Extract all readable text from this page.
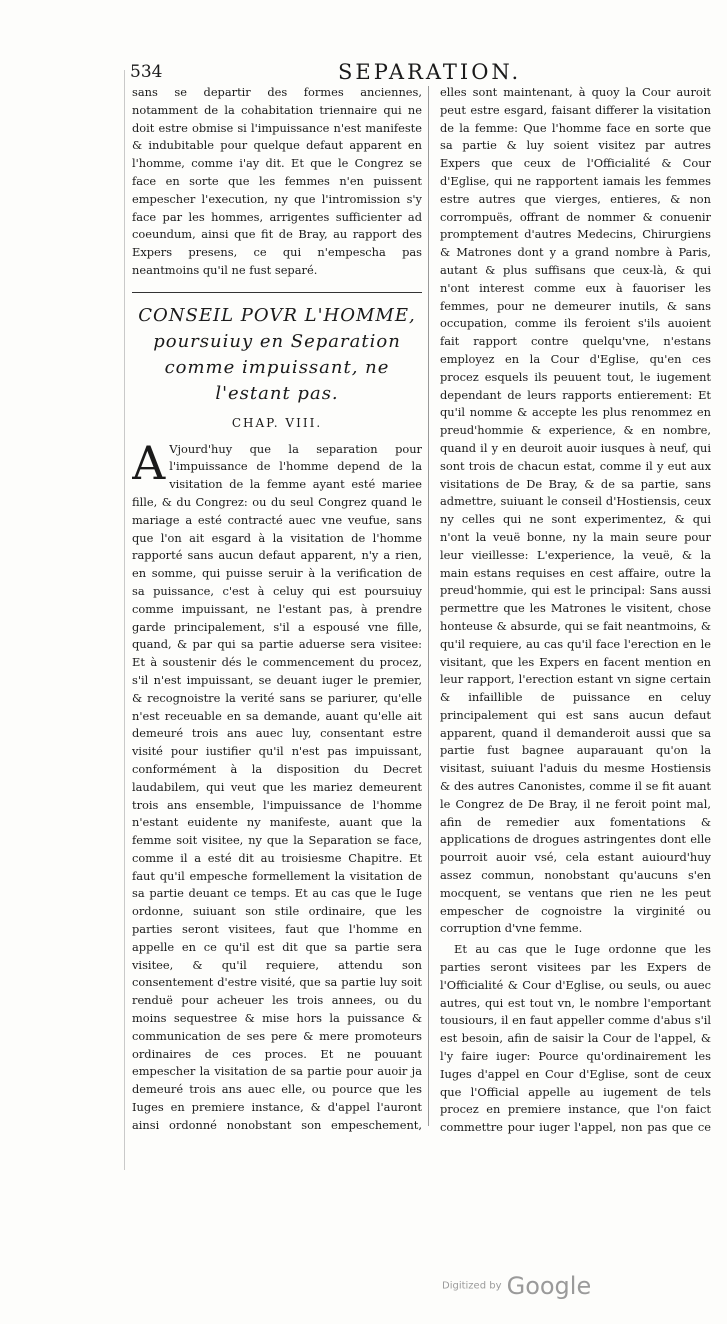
534	SEPARATION.

sans se departir des formes anciennes, notamment de la cohabitation triennaire qui ne doit estre obmise si l'impuissance n'est manifeste & indubitable pour quelque defaut apparent en l'homme, comme i'ay dit. Et que le Congrez se face en sorte que les femmes n'en puissent empescher l'execution, ny que l'intromission s'y face par les hommes, arrigentes sufficienter ad coeundum, ainsi que fit de Bray, au rapport des Expers presens, ce qui n'empescha pas neantmoins qu'il ne fust separé.

CONSEIL POVR L'HOMME, poursuiuy en Separation comme impuissant, ne l'estant pas.
CHAP. VIII.

A Vjourd'huy que la separation pour l'impuissance de l'homme depend de la visitation de la femme ayant esté mariee fille, & du Congrez: ou du seul Congrez quand le mariage a esté contracté auec vne veufue, sans que l'on ait esgard à la visitation de l'homme rapporté sans aucun defaut apparent, n'y a rien, en somme, qui puisse seruir à la verification de sa puissance, c'est à celuy qui est poursuiuy comme impuissant, ne l'estant pas, à prendre garde principalement, s'il a espousé vne fille, quand, & par qui sa partie aduerse sera visitee: Et à soustenir dés le commencement du procez, s'il n'est impuissant, se deuant iuger le premier, & recognoistre la verité sans se pariurer, qu'elle n'est receuable en sa demande, auant qu'elle ait demeuré trois ans auec luy, consentant estre visité pour iustifier qu'il n'est pas impuissant, conformément à la disposition du Decret laudabilem, qui veut que les mariez demeurent trois ans ensemble, l'impuissance de l'homme n'estant euidente ny manifeste, auant que la femme soit visitee, ny que la Separation se face, comme il a esté dit au troisiesme Chapitre. Et faut qu'il empesche formellement la visitation de sa partie deuant ce temps. Et au cas que le Iuge ordonne, suiuant son stile ordinaire, que les parties seront visitees, faut que l'homme en appelle en ce qu'il est dit que sa partie sera visitee, & qu'il requiere, attendu son consentement d'estre visité, que sa partie luy soit renduë pour acheuer les trois annees, ou du moins sequestree & mise hors la puissance & communication de ses pere & mere promoteurs ordinaires de ces proces. Et ne pouuant empescher la visitation de sa partie pour auoir ja demeuré trois ans auec elle, ou pource que les Iuges en premiere instance, & d'appel l'auront ainsi ordonné nonobstant son empeschement,

elles sont maintenant, à quoy la Cour auroit peut estre esgard, faisant differer la visitation de la femme: Que l'homme face en sorte que sa partie & luy soient visitez par autres Expers que ceux de l'Officialité & Cour d'Eglise, qui ne rapportent iamais les femmes estre autres que vierges, entieres, & non corrompuës, offrant de nommer & conuenir promptement d'autres Medecins, Chirurgiens & Matrones dont y a grand nombre à Paris, autant & plus suffisans que ceux-là, & qui n'ont interest comme eux à fauoriser les femmes, pour ne demeurer inutils, & sans occupation, comme ils feroient s'ils auoient fait rapport contre quelqu'vne, n'estans employez en la Cour d'Eglise, qu'en ces procez esquels ils peuuent tout, le iugement dependant de leurs rapports entierement: Et qu'il nomme & accepte les plus renommez en preud'hommie & experience, & en nombre, quand il y en deuroit auoir iusques à neuf, qui sont trois de chacun estat, comme il y eut aux visitations de De Bray, & de sa partie, sans admettre, suiuant le conseil d'Hostiensis, ceux ny celles qui ne sont experimentez, & qui n'ont la veuë bonne, ny la main seure pour leur vieillesse: L'experience, la veuë, & la main estans requises en cest affaire, outre la preud'hommie, qui est le principal: Sans aussi permettre que les Matrones le visitent, chose honteuse & absurde, qui se fait neantmoins, & qu'il requiere, au cas qu'il face l'erection en le visitant, que les Expers en facent mention en leur rapport, l'erection estant vn signe certain & infaillible de puissance en celuy principalement qui est sans aucun defaut apparent, quand il demanderoit aussi que sa partie fust bagnee auparauant qu'on la visitast, suiuant l'aduis du mesme Hostiensis & des autres Canonistes, comme il se fit auant le Congrez de De Bray, il ne feroit point mal, afin de remedier aux fomentations & applications de drogues astringentes dont elle pourroit auoir vsé, cela estant auiourd'huy assez commun, nonobstant qu'aucuns s'en mocquent, se ventans que rien ne les peut empescher de cognoistre la virginité ou corruption d'vne femme.

Et au cas que le Iuge ordonne que les parties seront visitees par les Expers de l'Officialité & Cour d'Eglise, ou seuls, ou auec autres, qui est tout vn, le nombre l'emportant tousiours, il en faut appeller comme d'abus s'il est besoin, afin de saisir la Cour de l'appel, & l'y faire iuger: Pource qu'ordinairement les Iuges d'appel en Cour d'Eglise, sont de ceux que l'Official appelle au iugement de tels procez en premiere instance, que l'on faict commettre pour iuger l'appel, non pas que ce

Digitized by Google
